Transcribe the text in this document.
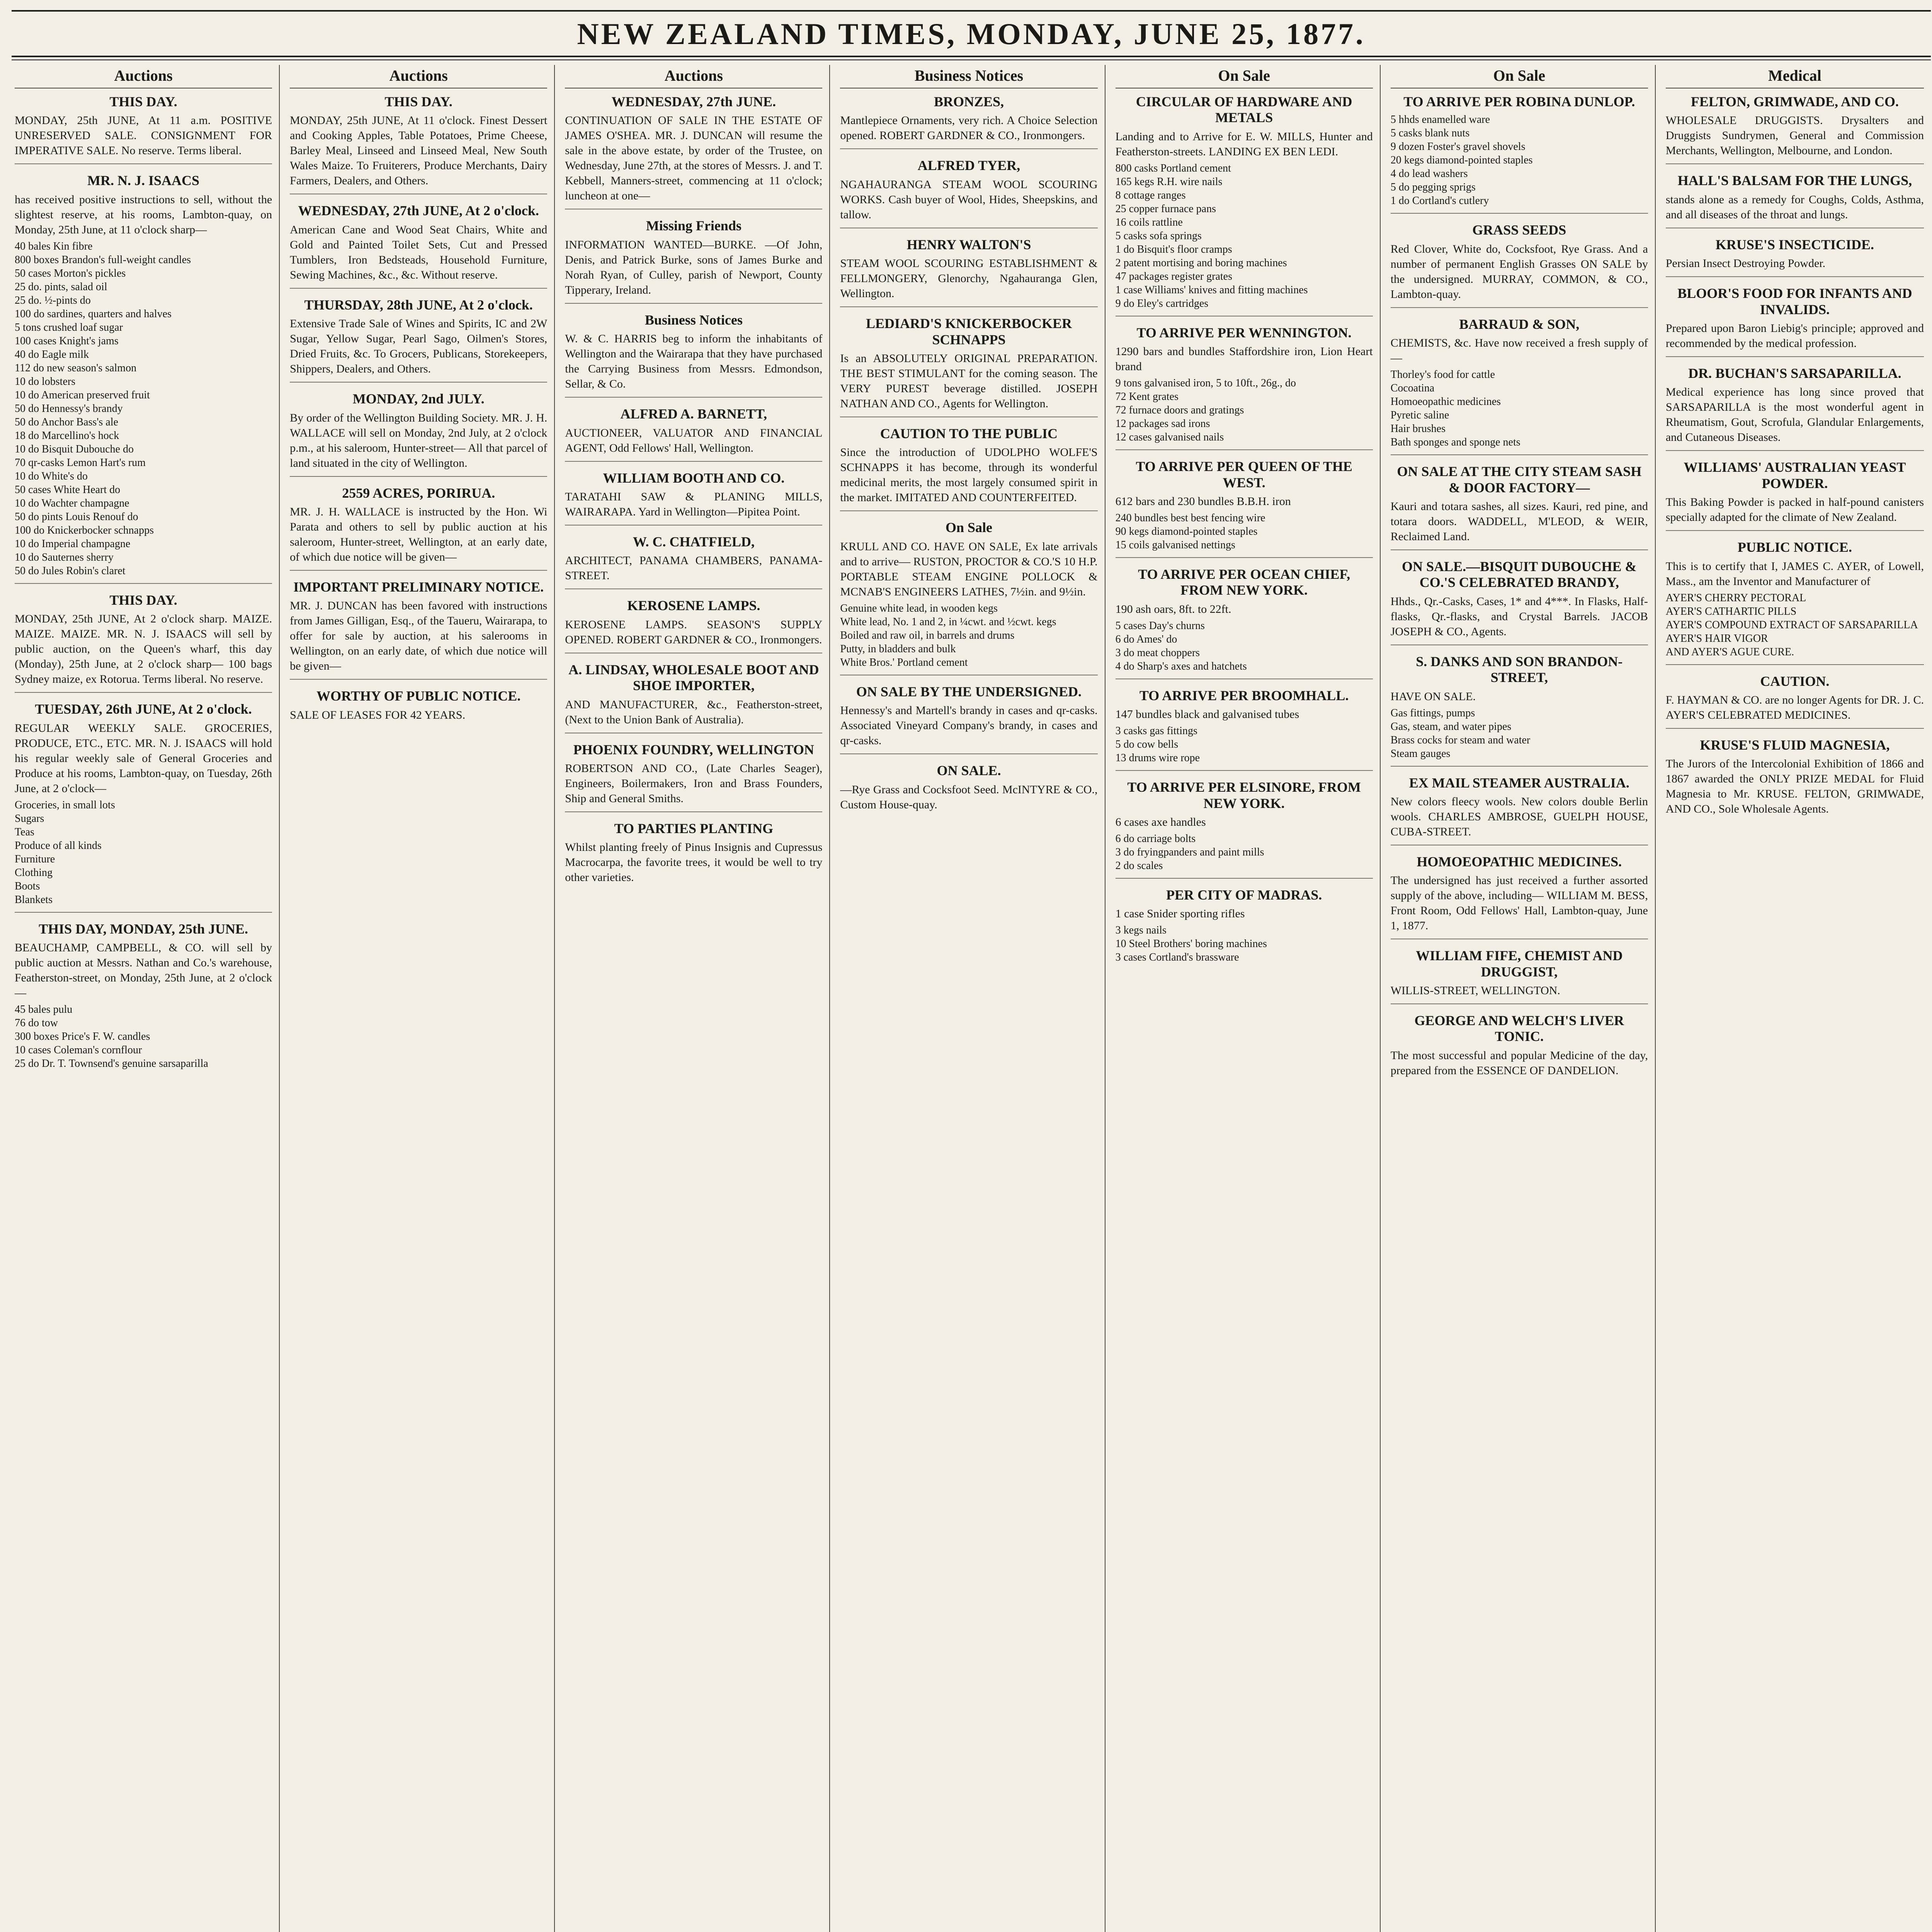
NEW ZEALAND TIMES, MONDAY, JUNE 25, 1877.
Auctions
THIS DAY.
MONDAY, 25th JUNE, At 11 a.m. POSITIVE UNRESERVED SALE. CONSIGNMENT FOR IMPERATIVE SALE. No reserve. Terms liberal.
MR. N. J. ISAACS
has received positive instructions to sell, without the slightest reserve, at his rooms, Lambton-quay, on Monday, 25th June, at 11 o'clock sharp—
40 bales Kin fibre
800 boxes Brandon's full-weight candles
50 cases Morton's pickles
25 do. pints, salad oil
25 do. ½-pints do
100 do sardines, quarters and halves
5 tons crushed loaf sugar
100 cases Knight's jams
40 do Eagle milk
112 do new season's salmon
10 do lobsters
10 do American preserved fruit
50 do Hennessy's brandy
50 do Anchor Bass's ale
18 do Marcellino's hock
10 do Bisquit Dubouche do
70 qr-casks Lemon Hart's rum
10 do White's do
50 cases White Heart do
10 do Wachter champagne
50 do pints Louis Renouf do
100 do Knickerbocker schnapps
10 do Imperial champagne
10 do Sauternes sherry
50 do Jules Robin's claret
THIS DAY.
MONDAY, 25th JUNE, At 2 o'clock sharp. MAIZE. MAIZE. MAIZE. MR. N. J. ISAACS will sell by public auction, on the Queen's wharf, this day (Monday), 25th June, at 2 o'clock sharp— 100 bags Sydney maize, ex Rotorua. Terms liberal. No reserve.
TUESDAY, 26th JUNE, At 2 o'clock.
REGULAR WEEKLY SALE. GROCERIES, PRODUCE, ETC., ETC. MR. N. J. ISAACS will hold his regular weekly sale of General Groceries and Produce at his rooms, Lambton-quay, on Tuesday, 26th June, at 2 o'clock—
Groceries, in small lots
Sugars
Teas
Produce of all kinds
Furniture
Clothing
Boots
Blankets
THIS DAY, MONDAY, 25th JUNE.
BEAUCHAMP, CAMPBELL, & CO. will sell by public auction at Messrs. Nathan and Co.'s warehouse, Featherston-street, on Monday, 25th June, at 2 o'clock—
45 bales pulu
76 do tow
300 boxes Price's F. W. candles
10 cases Coleman's cornflour
25 do Dr. T. Townsend's genuine sarsaparilla
Auctions
THIS DAY.
MONDAY, 25th JUNE, At 11 o'clock. Finest Dessert and Cooking Apples, Table Potatoes, Prime Cheese, Barley Meal, Linseed and Linseed Meal, New South Wales Maize. To Fruiterers, Produce Merchants, Dairy Farmers, Dealers, and Others.
WEDNESDAY, 27th JUNE, At 2 o'clock.
American Cane and Wood Seat Chairs, White and Gold and Painted Toilet Sets, Cut and Pressed Tumblers, Iron Bedsteads, Household Furniture, Sewing Machines, &c., &c. Without reserve.
THURSDAY, 28th JUNE, At 2 o'clock.
Extensive Trade Sale of Wines and Spirits, IC and 2W Sugar, Yellow Sugar, Pearl Sago, Oilmen's Stores, Dried Fruits, &c. To Grocers, Publicans, Storekeepers, Shippers, Dealers, and Others.
MONDAY, 2nd JULY.
By order of the Wellington Building Society. MR. J. H. WALLACE will sell on Monday, 2nd July, at 2 o'clock p.m., at his saleroom, Hunter-street— All that parcel of land situated in the city of Wellington.
2559 ACRES, PORIRUA.
MR. J. H. WALLACE is instructed by the Hon. Wi Parata and others to sell by public auction at his saleroom, Hunter-street, Wellington, at an early date, of which due notice will be given—
IMPORTANT PRELIMINARY NOTICE.
MR. J. DUNCAN has been favored with instructions from James Gilligan, Esq., of the Taueru, Wairarapa, to offer for sale by auction, at his salerooms in Wellington, on an early date, of which due notice will be given—
WORTHY OF PUBLIC NOTICE.
SALE OF LEASES FOR 42 YEARS.
Auctions
WEDNESDAY, 27th JUNE.
CONTINUATION OF SALE IN THE ESTATE OF JAMES O'SHEA. MR. J. DUNCAN will resume the sale in the above estate, by order of the Trustee, on Wednesday, June 27th, at the stores of Messrs. J. and T. Kebbell, Manners-street, commencing at 11 o'clock; luncheon at one—
Missing Friends
INFORMATION WANTED—BURKE. —Of John, Denis, and Patrick Burke, sons of James Burke and Norah Ryan, of Culley, parish of Newport, County Tipperary, Ireland.
Business Notices
W. & C. HARRIS beg to inform the inhabitants of Wellington and the Wairarapa that they have purchased the Carrying Business from Messrs. Edmondson, Sellar, & Co.
ALFRED A. BARNETT,
AUCTIONEER, VALUATOR AND FINANCIAL AGENT, Odd Fellows' Hall, Wellington.
WILLIAM BOOTH AND CO.
TARATAHI SAW & PLANING MILLS, WAIRARAPA. Yard in Wellington—Pipitea Point.
W. C. CHATFIELD,
ARCHITECT, PANAMA CHAMBERS, PANAMA-STREET.
KEROSENE LAMPS.
KEROSENE LAMPS. SEASON'S SUPPLY OPENED. ROBERT GARDNER & CO., Ironmongers.
A. LINDSAY, WHOLESALE BOOT AND SHOE IMPORTER,
AND MANUFACTURER, &c., Featherston-street, (Next to the Union Bank of Australia).
PHOENIX FOUNDRY, WELLINGTON
ROBERTSON AND CO., (Late Charles Seager), Engineers, Boilermakers, Iron and Brass Founders, Ship and General Smiths.
TO PARTIES PLANTING
Whilst planting freely of Pinus Insignis and Cupressus Macrocarpa, the favorite trees, it would be well to try other varieties.
Business Notices
BRONZES,
Mantlepiece Ornaments, very rich. A Choice Selection opened. ROBERT GARDNER & CO., Ironmongers.
ALFRED TYER,
NGAHAURANGA STEAM WOOL SCOURING WORKS. Cash buyer of Wool, Hides, Sheepskins, and tallow.
HENRY WALTON'S
STEAM WOOL SCOURING ESTABLISHMENT & FELLMONGERY, Glenorchy, Ngahauranga Glen, Wellington.
LEDIARD'S KNICKERBOCKER SCHNAPPS
Is an ABSOLUTELY ORIGINAL PREPARATION. THE BEST STIMULANT for the coming season. The VERY PUREST beverage distilled. JOSEPH NATHAN AND CO., Agents for Wellington.
CAUTION TO THE PUBLIC
Since the introduction of UDOLPHO WOLFE'S SCHNAPPS it has become, through its wonderful medicinal merits, the most largely consumed spirit in the market. IMITATED AND COUNTERFEITED.
On Sale
KRULL AND CO. HAVE ON SALE, Ex late arrivals and to arrive— RUSTON, PROCTOR & CO.'S 10 H.P. PORTABLE STEAM ENGINE POLLOCK & MCNAB'S ENGINEERS LATHES, 7½in. and 9½in.
Genuine white lead, in wooden kegs
White lead, No. 1 and 2, in ¼cwt. and ½cwt. kegs
Boiled and raw oil, in barrels and drums
Putty, in bladders and bulk
White Bros.' Portland cement
ON SALE BY THE UNDERSIGNED.
Hennessy's and Martell's brandy in cases and qr-casks. Associated Vineyard Company's brandy, in cases and qr-casks.
ON SALE.
—Rye Grass and Cocksfoot Seed. McINTYRE & CO., Custom House-quay.
On Sale
CIRCULAR OF HARDWARE AND METALS
Landing and to Arrive for E. W. MILLS, Hunter and Featherston-streets. LANDING EX BEN LEDI.
800 casks Portland cement
165 kegs R.H. wire nails
8 cottage ranges
25 copper furnace pans
16 coils rattline
5 casks sofa springs
1 do Bisquit's floor cramps
2 patent mortising and boring machines
47 packages register grates
1 case Williams' knives and fitting machines
9 do Eley's cartridges
TO ARRIVE PER WENNINGTON.
1290 bars and bundles Staffordshire iron, Lion Heart brand
9 tons galvanised iron, 5 to 10ft., 26g., do
72 Kent grates
72 furnace doors and gratings
12 packages sad irons
12 cases galvanised nails
TO ARRIVE PER QUEEN OF THE WEST.
612 bars and 230 bundles B.B.H. iron
240 bundles best best fencing wire
90 kegs diamond-pointed staples
15 coils galvanised nettings
TO ARRIVE PER OCEAN CHIEF, FROM NEW YORK.
190 ash oars, 8ft. to 22ft.
5 cases Day's churns
6 do Ames' do
3 do meat choppers
4 do Sharp's axes and hatchets
TO ARRIVE PER BROOMHALL.
147 bundles black and galvanised tubes
3 casks gas fittings
5 do cow bells
13 drums wire rope
TO ARRIVE PER ELSINORE, FROM NEW YORK.
6 cases axe handles
6 do carriage bolts
3 do fryingpanders and paint mills
2 do scales
PER CITY OF MADRAS.
1 case Snider sporting rifles
3 kegs nails
10 Steel Brothers' boring machines
3 cases Cortland's brassware
On Sale
TO ARRIVE PER ROBINA DUNLOP.
5 hhds enamelled ware
5 casks blank nuts
9 dozen Foster's gravel shovels
20 kegs diamond-pointed staples
4 do lead washers
5 do pegging sprigs
1 do Cortland's cutlery
GRASS SEEDS
Red Clover, White do, Cocksfoot, Rye Grass. And a number of permanent English Grasses ON SALE by the undersigned. MURRAY, COMMON, & CO., Lambton-quay.
BARRAUD & SON,
CHEMISTS, &c. Have now received a fresh supply of—
Thorley's food for cattle
Cocoatina
Homoeopathic medicines
Pyretic saline
Hair brushes
Bath sponges and sponge nets
ON SALE AT THE CITY STEAM SASH & DOOR FACTORY—
Kauri and totara sashes, all sizes. Kauri, red pine, and totara doors. WADDELL, M'LEOD, & WEIR, Reclaimed Land.
ON SALE.—BISQUIT DUBOUCHE & CO.'S CELEBRATED BRANDY,
Hhds., Qr.-Casks, Cases, 1* and 4***. In Flasks, Half-flasks, Qr.-flasks, and Crystal Barrels. JACOB JOSEPH & CO., Agents.
S. DANKS AND SON BRANDON-STREET,
HAVE ON SALE.
Gas fittings, pumps
Gas, steam, and water pipes
Brass cocks for steam and water
Steam gauges
EX MAIL STEAMER AUSTRALIA.
New colors fleecy wools. New colors double Berlin wools. CHARLES AMBROSE, GUELPH HOUSE, CUBA-STREET.
HOMOEOPATHIC MEDICINES.
The undersigned has just received a further assorted supply of the above, including— WILLIAM M. BESS, Front Room, Odd Fellows' Hall, Lambton-quay, June 1, 1877.
WILLIAM FIFE, CHEMIST AND DRUGGIST,
WILLIS-STREET, WELLINGTON.
GEORGE AND WELCH'S LIVER TONIC.
The most successful and popular Medicine of the day, prepared from the ESSENCE OF DANDELION.
Medical
FELTON, GRIMWADE, AND CO.
WHOLESALE DRUGGISTS. Drysalters and Druggists Sundrymen, General and Commission Merchants, Wellington, Melbourne, and London.
HALL'S BALSAM FOR THE LUNGS,
stands alone as a remedy for Coughs, Colds, Asthma, and all diseases of the throat and lungs.
KRUSE'S INSECTICIDE.
Persian Insect Destroying Powder.
BLOOR'S FOOD FOR INFANTS AND INVALIDS.
Prepared upon Baron Liebig's principle; approved and recommended by the medical profession.
DR. BUCHAN'S SARSAPARILLA.
Medical experience has long since proved that SARSAPARILLA is the most wonderful agent in Rheumatism, Gout, Scrofula, Glandular Enlargements, and Cutaneous Diseases.
WILLIAMS' AUSTRALIAN YEAST POWDER.
This Baking Powder is packed in half-pound canisters specially adapted for the climate of New Zealand.
PUBLIC NOTICE.
This is to certify that I, JAMES C. AYER, of Lowell, Mass., am the Inventor and Manufacturer of
AYER'S CHERRY PECTORAL
AYER'S CATHARTIC PILLS
AYER'S COMPOUND EXTRACT OF SARSAPARILLA
AYER'S HAIR VIGOR
AND AYER'S AGUE CURE.
CAUTION.
F. HAYMAN & CO. are no longer Agents for DR. J. C. AYER'S CELEBRATED MEDICINES.
KRUSE'S FLUID MAGNESIA,
The Jurors of the Intercolonial Exhibition of 1866 and 1867 awarded the ONLY PRIZE MEDAL for Fluid Magnesia to Mr. KRUSE. FELTON, GRIMWADE, AND CO., Sole Wholesale Agents.
